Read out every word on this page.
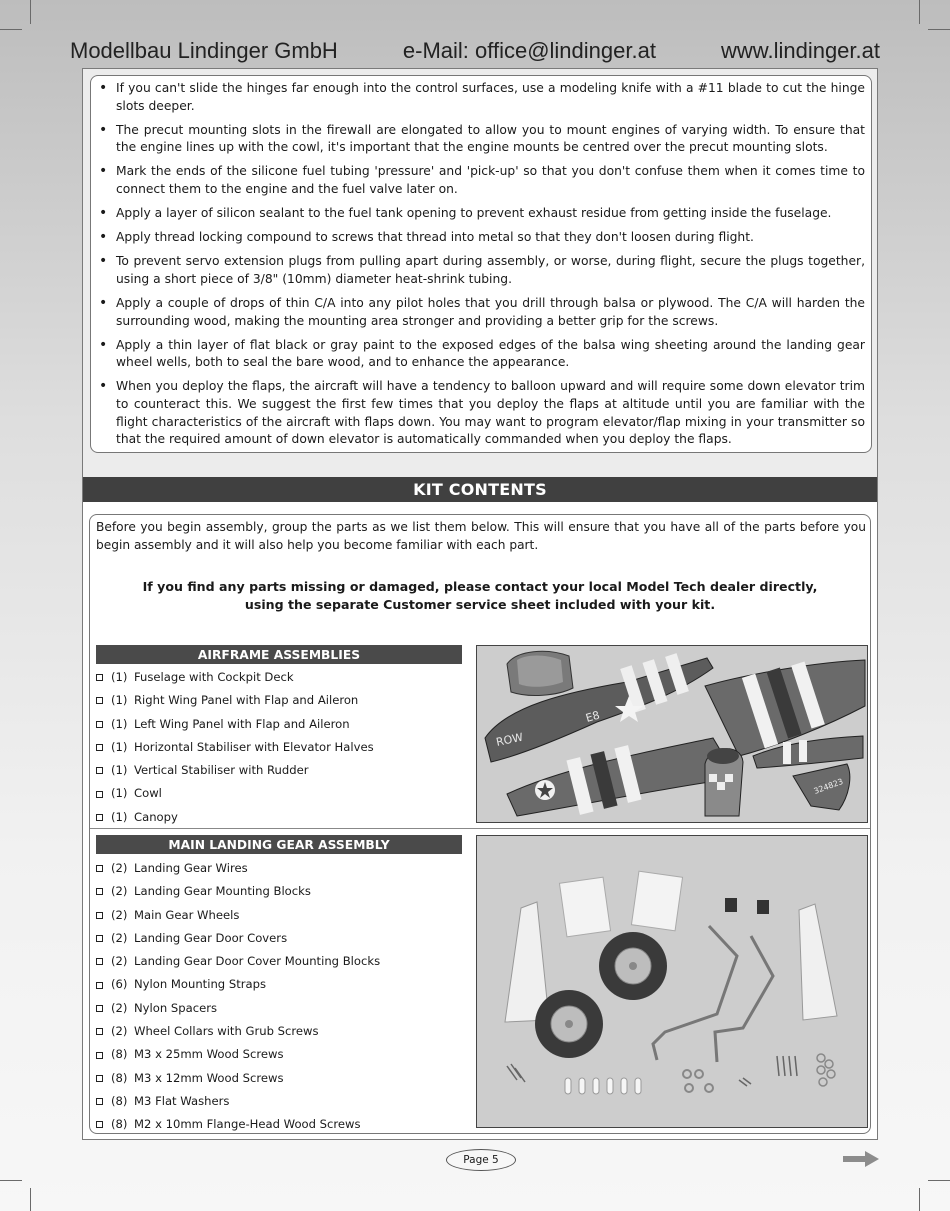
Modellbau Lindinger GmbH	e-Mail: office@lindinger.at	www.lindinger.at
• If you can't slide the hinges far enough into the control surfaces, use a modeling knife with a #11 blade to cut the hinge slots deeper.
• The precut mounting slots in the firewall are elongated to allow you to mount engines of varying width. To ensure that the engine lines up with the cowl, it's important that the engine mounts be centred over the precut mounting slots.
• Mark the ends of the silicone fuel tubing 'pressure' and 'pick-up' so that you don't confuse them when it comes time to connect them to the engine and the fuel valve later on.
• Apply a layer of silicon sealant to the fuel tank opening to prevent exhaust residue from getting inside the fuselage.
• Apply thread locking compound to screws that thread into metal so that they don't loosen during flight.
• To prevent servo extension plugs from pulling apart during assembly, or worse, during flight, secure the plugs together, using a short piece of 3/8" (10mm) diameter heat-shrink tubing.
• Apply a couple of drops of thin C/A into any pilot holes that you drill through balsa or plywood. The C/A will harden the surrounding wood, making the mounting area stronger and providing a better grip for the screws.
• Apply a thin layer of flat black or gray paint to the exposed edges of the balsa wing sheeting around the landing gear wheel wells, both to seal the bare wood, and to enhance the appearance.
• When you deploy the flaps, the aircraft will have a tendency to balloon upward and will require some down elevator trim to counteract this. We suggest the first few times that you deploy the flaps at altitude until you are familiar with the flight characteristics of the aircraft with flaps down. You may want to program elevator/flap mixing in your transmitter so that the required amount of down elevator is automatically commanded when you deploy the flaps.
KIT CONTENTS
Before you begin assembly, group the parts as we list them below. This will ensure that you have all of the parts before you begin assembly and it will also help you become familiar with each part.
If you find any parts missing or damaged, please contact your local Model Tech dealer directly,
using the separate Customer service sheet included with your kit.
AIRFRAME ASSEMBLIES
(1) Fuselage with Cockpit Deck
(1) Right Wing Panel with Flap and Aileron
(1) Left Wing Panel with Flap and Aileron
(1) Horizontal Stabiliser with Elevator Halves
(1) Vertical Stabiliser with Rudder
(1) Cowl
(1) Canopy
ROW
E8
324823
MAIN LANDING GEAR ASSEMBLY
(2) Landing Gear Wires
(2) Landing Gear Mounting Blocks
(2) Main Gear Wheels
(2) Landing Gear Door Covers
(2) Landing Gear Door Cover Mounting Blocks
(6) Nylon Mounting Straps
(2) Nylon Spacers
(2) Wheel Collars with Grub Screws
(8) M3 x 25mm Wood Screws
(8) M3 x 12mm Wood Screws
(8) M3 Flat Washers
(8) M2 x 10mm Flange-Head Wood Screws
Page 5
